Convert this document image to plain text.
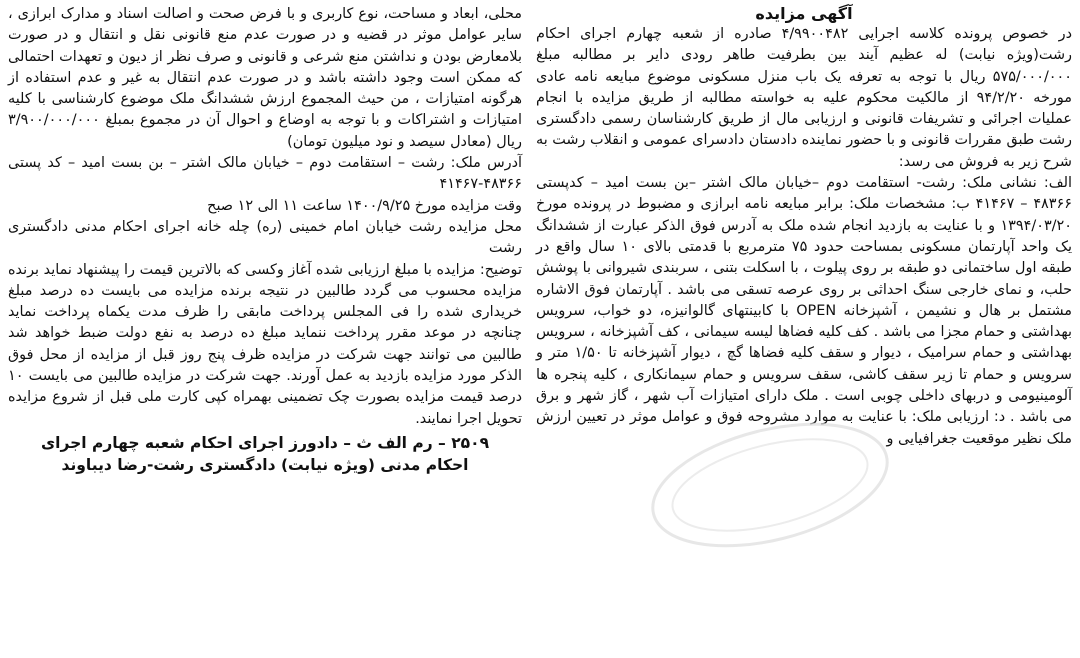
آگهی مزایده

در خصوص پرونده کلاسه اجرایی ۴/۹۹۰۰۴۸۲ صادره از شعبه چهارم اجرای احکام رشت(ویژه نیابت) له عظیم آیند بین بطرفیت طاهر رودی دایر بر مطالبه مبلغ ۵۷۵/۰۰۰/۰۰۰ ریال با توجه به تعرفه یک باب منزل مسکونی موضوع مبایعه نامه عادی مورخه ۹۴/۲/۲۰ از مالکیت محکوم علیه به خواسته مطالبه از طریق مزایده با انجام عملیات اجرائی و تشریفات قانونی و ارزیابی مال از طریق کارشناسان رسمی دادگستری رشت طبق مقررات قانونی و با حضور نماینده دادستان دادسرای عمومی و انقلاب رشت به شرح زیر به فروش می رسد:

الف: نشانی ملک: رشت- استقامت دوم –خیابان مالک اشتر –بن بست امید – کدپستی ۴۸۳۶۶ – ۴۱۴۶۷ ب: مشخصات ملک: برابر مبایعه نامه ابرازی و مضبوط در پرونده مورخ ۱۳۹۴/۰۳/۲۰ و با عنایت به بازدید انجام شده ملک به آدرس فوق الذکر عبارت از ششدانگ یک واحد آپارتمان مسکونی بمساحت حدود ۷۵ مترمربع با قدمتی بالای ۱۰ سال واقع در طبقه اول ساختمانی دو طبقه بر روی پیلوت ، با اسکلت بتنی ، سربندی شیروانی با پوشش حلب، و نمای خارجی سنگ احداثی بر روی عرصه تسقی می باشد . آپارتمان فوق الاشاره مشتمل بر هال و نشیمن ، آشپزخانه OPEN با کابینتهای گالوانیزه، دو خواب، سرویس بهداشتی و حمام مجزا می باشد . کف کلیه فضاها لیسه سیمانی ، کف آشپزخانه ، سرویس بهداشتی و حمام سرامیک ، دیوار و سقف کلیه فضاها گچ ، دیوار آشپزخانه تا ۱/۵۰ متر و سرویس و حمام تا زیر سقف کاشی، سقف سرویس و حمام سیمانکاری ، کلیه پنجره ها آلومینیومی و دربهای داخلی چوبی است . ملک دارای امتیازات آب شهر ، گاز شهر و برق می باشد . د: ارزیابی ملک: با عنایت به موارد مشروحه فوق و عوامل موثر در تعیین ارزش ملک نظیر موقعیت جغرافیایی و

محلی، ابعاد و مساحت، نوع کاربری و با فرض صحت و اصالت اسناد و مدارک ابرازی ، سایر عوامل موثر در قضیه و در صورت عدم منع قانونی نقل و انتقال و در صورت بلامعارض بودن و نداشتن منع شرعی و قانونی و صرف نظر از دیون و تعهدات احتمالی که ممکن است وجود داشته باشد و در صورت عدم انتقال به غیر و عدم استفاده از هرگونه امتیازات ، من حیث المجموع ارزش ششدانگ ملک موضوع کارشناسی با کلیه امتیازات و اشتراکات و با توجه به اوضاع و احوال آن در مجموع بمبلغ ۳/۹۰۰/۰۰۰/۰۰۰ ریال (معادل سیصد و نود میلیون تومان)

آدرس ملک: رشت – استقامت دوم – خیابان مالک اشتر – بن بست امید – کد پستی ۴۸۳۶۶-۴۱۴۶۷

وقت مزایده مورخ ۱۴۰۰/۹/۲۵ ساعت ۱۱ الی ۱۲ صبح

محل مزایده رشت خیابان امام خمینی (ره) چله خانه اجرای احکام مدنی دادگستری رشت

توضیح: مزایده با مبلغ ارزیابی شده آغاز وکسی که بالاترین قیمت را پیشنهاد نماید برنده مزایده محسوب می گردد طالبین در نتیجه برنده مزایده می بایست ده درصد مبلغ خریداری شده را فی المجلس پرداخت مابقی را ظرف مدت یکماه پرداخت نماید چنانچه در موعد مقرر پرداخت ننماید مبلغ ده درصد به نفع دولت ضبط خواهد شد طالبین می توانند جهت شرکت در مزایده ظرف پنج روز قبل از مزایده از محل فوق الذکر مورد مزایده بازدید به عمل آورند. جهت شرکت در مزایده طالبین می بایست ۱۰ درصد قیمت مزایده بصورت چک تضمینی بهمراه کپی کارت ملی قبل از شروع مزایده تحویل اجرا نمایند.

۲۵۰۹ – رم الف ث – دادورز اجرای احکام شعبه چهارم اجرای
احکام مدنی (ویژه نیابت) دادگستری رشت-رضا دیباوند
